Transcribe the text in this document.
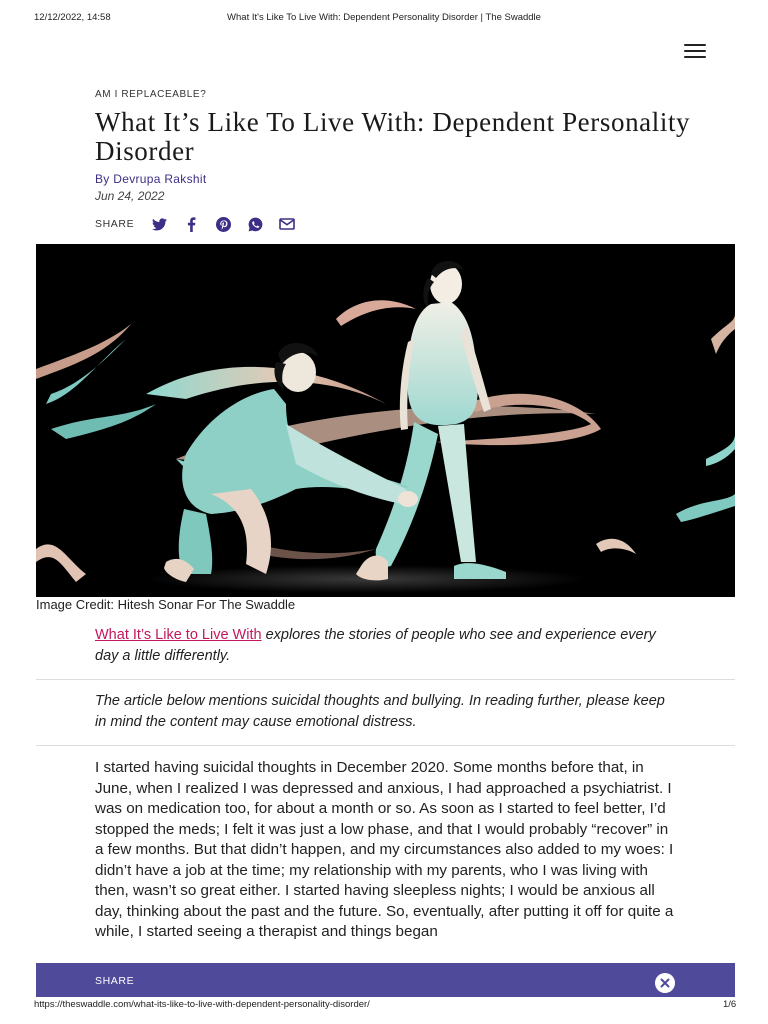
12/12/2022, 14:58	What It's Like To Live With: Dependent Personality Disorder | The Swaddle
AM I REPLACEABLE?
What It’s Like To Live With: Dependent Personality Disorder
By Devrupa Rakshit
Jun 24, 2022
SHARE
Image Credit: Hitesh Sonar For The Swaddle

What It’s Like to Live With explores the stories of people who see and experience every day a little differently.

The article below mentions suicidal thoughts and bullying. In reading further, please keep in mind the content may cause emotional distress.

I started having suicidal thoughts in December 2020. Some months before that, in June, when I realized I was depressed and anxious, I had approached a psychiatrist. I was on medication too, for about a month or so. As soon as I started to feel better, I’d stopped the meds; I felt it was just a low phase, and that I would probably “recover” in a few months. But that didn’t happen, and my circumstances also added to my woes: I didn’t have a job at the time; my relationship with my parents, who I was living with then, wasn’t so great either. I started having sleepless nights; I would be anxious all day, thinking about the past and the future. So, eventually, after putting it off for quite a while, I started seeing a therapist and things began

SHARE
https://theswaddle.com/what-its-like-to-live-with-dependent-personality-disorder/	1/6
